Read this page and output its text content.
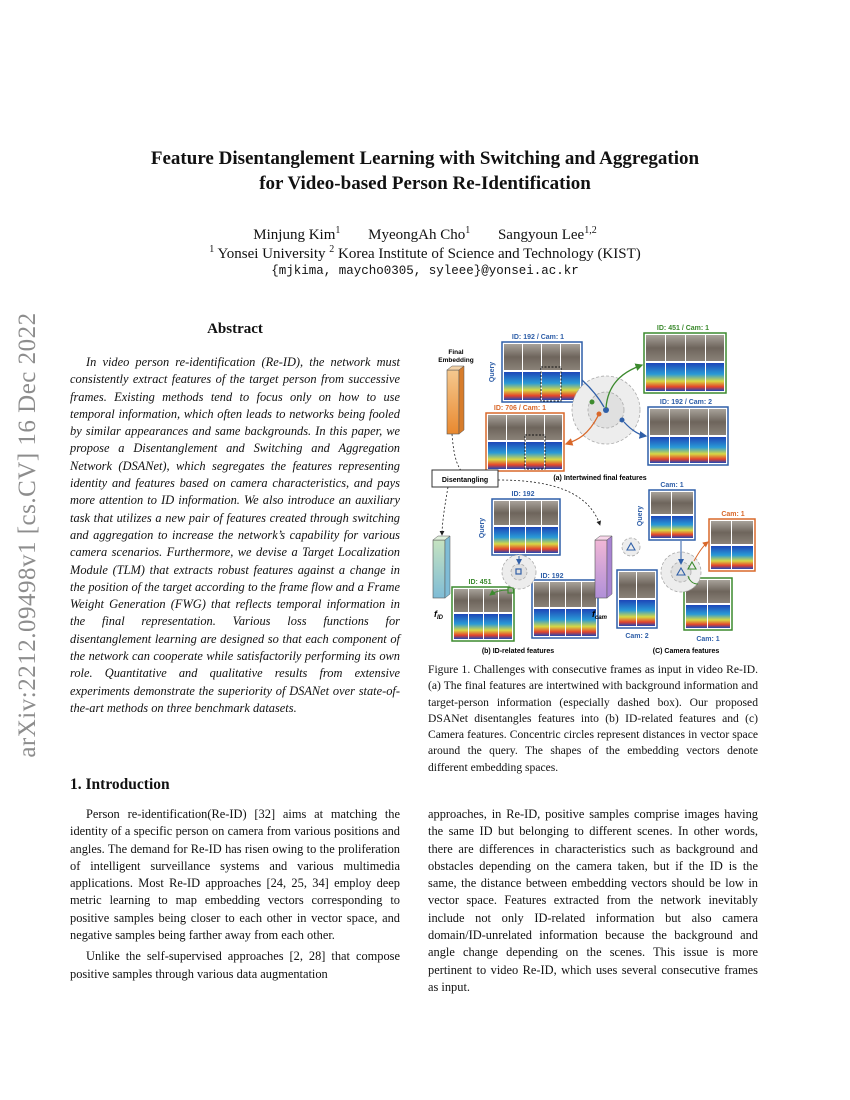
arXiv:2212.09498v1 [cs.CV] 16 Dec 2022
Feature Disentanglement Learning with Switching and Aggregation
for Video-based Person Re-Identification
Minjung Kim$^1$ MyeongAh Cho$^1$ Sangyoun Lee$^{1,2}$
$^1$ Yonsei University $^2$ Korea Institute of Science and Technology (KIST)
{mjkima, maycho0305, syleee}@yonsei.ac.kr
Abstract
In video person re-identification (Re-ID), the network must consistently extract features of the target person from successive frames. Existing methods tend to focus only on how to use temporal information, which often leads to networks being fooled by similar appearances and same backgrounds. In this paper, we propose a Disentanglement and Switching and Aggregation Network (DSANet), which segregates the features representing identity and features based on camera characteristics, and pays more attention to ID information. We also introduce an auxiliary task that utilizes a new pair of features created through switching and aggregation to increase the network’s capability for various camera scenarios. Furthermore, we devise a Target Localization Module (TLM) that extracts robust features against a change in the position of the target according to the frame flow and a Frame Weight Generation (FWG) that reflects temporal information in the final representation. Various loss functions for disentanglement learning are designed so that each component of the network can cooperate while satisfactorily performing its own role. Quantitative and qualitative results from extensive experiments demonstrate the superiority of DSANet over state-of-the-art methods on three benchmark datasets.
Final
Embedding
ID: 192 / Cam: 1
Query
ID: 451 / Cam: 1
ID: 706 / Cam: 1
ID: 192 / Cam: 2
(a) Intertwined final features
Disentangling
$f_{ID}$
ID: 192
Query
ID: 451
ID: 192
(b) ID-related features
$f_{cam}$
Cam: 1
Query	Cam: 1
Cam: 2	Cam: 1
(C) Camera features
Figure 1. Challenges with consecutive frames as input in video Re-ID. (a) The final features are intertwined with background information and target-person information (especially dashed box). Our proposed DSANet disentangles features into (b) ID-related features and (c) Camera features. Concentric circles represent distances in vector space around the query. The shapes of the embedding vectors denote different embedding spaces.
1. Introduction

Person re-identification(Re-ID) [32] aims at matching the identity of a specific person on camera from various positions and angles. The demand for Re-ID has risen owing to the proliferation of intelligent surveillance systems and various multimedia applications. Most Re-ID approaches [24, 25, 34] employ deep metric learning to map embedding vectors corresponding to positive samples being closer to each other in vector space, and negative samples being farther away from each other.

Unlike the self-supervised approaches [2, 28] that compose positive samples through various data augmentation

approaches, in Re-ID, positive samples comprise images having the same ID but belonging to different scenes. In other words, there are differences in characteristics such as background and obstacles depending on the camera taken, but if the ID is the same, the distance between embedding vectors should be low in vector space. Features extracted from the network inevitably include not only ID-related information but also camera domain/ID-unrelated information because the background and angle change depending on the scenes. This issue is more pertinent to video Re-ID, which uses several consecutive frames as input.
